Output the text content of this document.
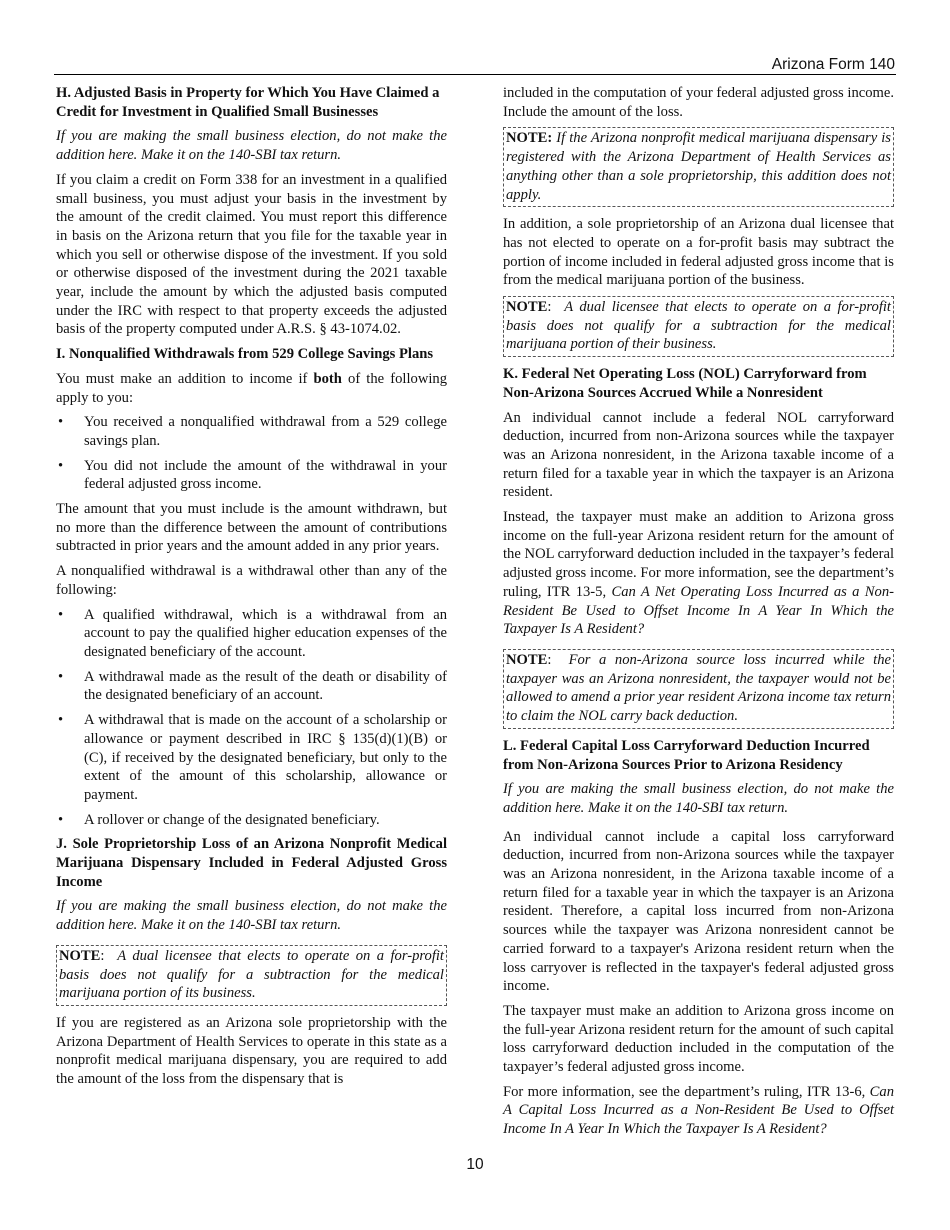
Arizona Form 140
H. Adjusted Basis in Property for Which You Have Claimed a Credit for Investment in Qualified Small Businesses

If you are making the small business election, do not make the addition here. Make it on the 140-SBI tax return.

If you claim a credit on Form 338 for an investment in a qualified small business, you must adjust your basis in the investment by the amount of the credit claimed. You must report this difference in basis on the Arizona return that you file for the taxable year in which you sell or otherwise dispose of the investment. If you sold or otherwise disposed of the investment during the 2021 taxable year, include the amount by which the adjusted basis computed under the IRC with respect to that property exceeds the adjusted basis of the property computed under A.R.S. § 43-1074.02.

I. Nonqualified Withdrawals from 529 College Savings Plans

You must make an addition to income if both of the following apply to you:

• You received a nonqualified withdrawal from a 529 college savings plan.
• You did not include the amount of the withdrawal in your federal adjusted gross income.

The amount that you must include is the amount withdrawn, but no more than the difference between the amount of contributions subtracted in prior years and the amount added in any prior years.

A nonqualified withdrawal is a withdrawal other than any of the following:

• A qualified withdrawal, which is a withdrawal from an account to pay the qualified higher education expenses of the designated beneficiary of the account.
• A withdrawal made as the result of the death or disability of the designated beneficiary of an account.
• A withdrawal that is made on the account of a scholarship or allowance or payment described in IRC § 135(d)(1)(B) or (C), if received by the designated beneficiary, but only to the extent of the amount of this scholarship, allowance or payment.
• A rollover or change of the designated beneficiary.
J. Sole Proprietorship Loss of an Arizona Nonprofit Medical Marijuana Dispensary Included in Federal Adjusted Gross Income

If you are making the small business election, do not make the addition here. Make it on the 140-SBI tax return.

NOTE:  A dual licensee that elects to operate on a for-profit basis does not qualify for a subtraction for the medical marijuana portion of its business.

If you are registered as an Arizona sole proprietorship with the Arizona Department of Health Services to operate in this state as a nonprofit medical marijuana dispensary, you are required to add the amount of the loss from the dispensary that is

included in the computation of your federal adjusted gross income. Include the amount of the loss.

NOTE: If the Arizona nonprofit medical marijuana dispensary is registered with the Arizona Department of Health Services as anything other than a sole proprietorship, this addition does not apply.

In addition, a sole proprietorship of an Arizona dual licensee that has not elected to operate on a for-profit basis may subtract the portion of income included in federal adjusted gross income that is from the medical marijuana portion of the business.

NOTE:  A dual licensee that elects to operate on a for-profit basis does not qualify for a subtraction for the medical marijuana portion of their business.

K. Federal Net Operating Loss (NOL) Carryforward from Non-Arizona Sources Accrued While a Nonresident

An individual cannot include a federal NOL carryforward deduction, incurred from non-Arizona sources while the taxpayer was an Arizona nonresident, in the Arizona taxable income of a return filed for a taxable year in which the taxpayer is an Arizona resident.

Instead, the taxpayer must make an addition to Arizona gross income on the full-year Arizona resident return for the amount of the NOL carryforward deduction included in the taxpayer’s federal adjusted gross income. For more information, see the department’s ruling, ITR 13-5, Can A Net Operating Loss Incurred as a Non-Resident Be Used to Offset Income In A Year In Which the Taxpayer Is A Resident?

NOTE:  For a non-Arizona source loss incurred while the taxpayer was an Arizona nonresident, the taxpayer would not be allowed to amend a prior year resident Arizona income tax return to claim the NOL carry back deduction.

L. Federal Capital Loss Carryforward Deduction Incurred from Non-Arizona Sources Prior to Arizona Residency

If you are making the small business election, do not make the addition here. Make it on the 140-SBI tax return.

An individual cannot include a capital loss carryforward deduction, incurred from non-Arizona sources while the taxpayer was an Arizona nonresident, in the Arizona taxable income of a return filed for a taxable year in which the taxpayer is an Arizona resident. Therefore, a capital loss incurred from non-Arizona sources while the taxpayer was Arizona nonresident cannot be carried forward to a taxpayer's Arizona resident return when the loss carryover is reflected in the taxpayer's federal adjusted gross income.

The taxpayer must make an addition to Arizona gross income on the full-year Arizona resident return for the amount of such capital loss carryforward deduction included in the computation of the taxpayer’s federal adjusted gross income.

For more information, see the department’s ruling, ITR 13-6, Can A Capital Loss Incurred as a Non-Resident Be Used to Offset Income In A Year In Which the Taxpayer Is A Resident?

10
